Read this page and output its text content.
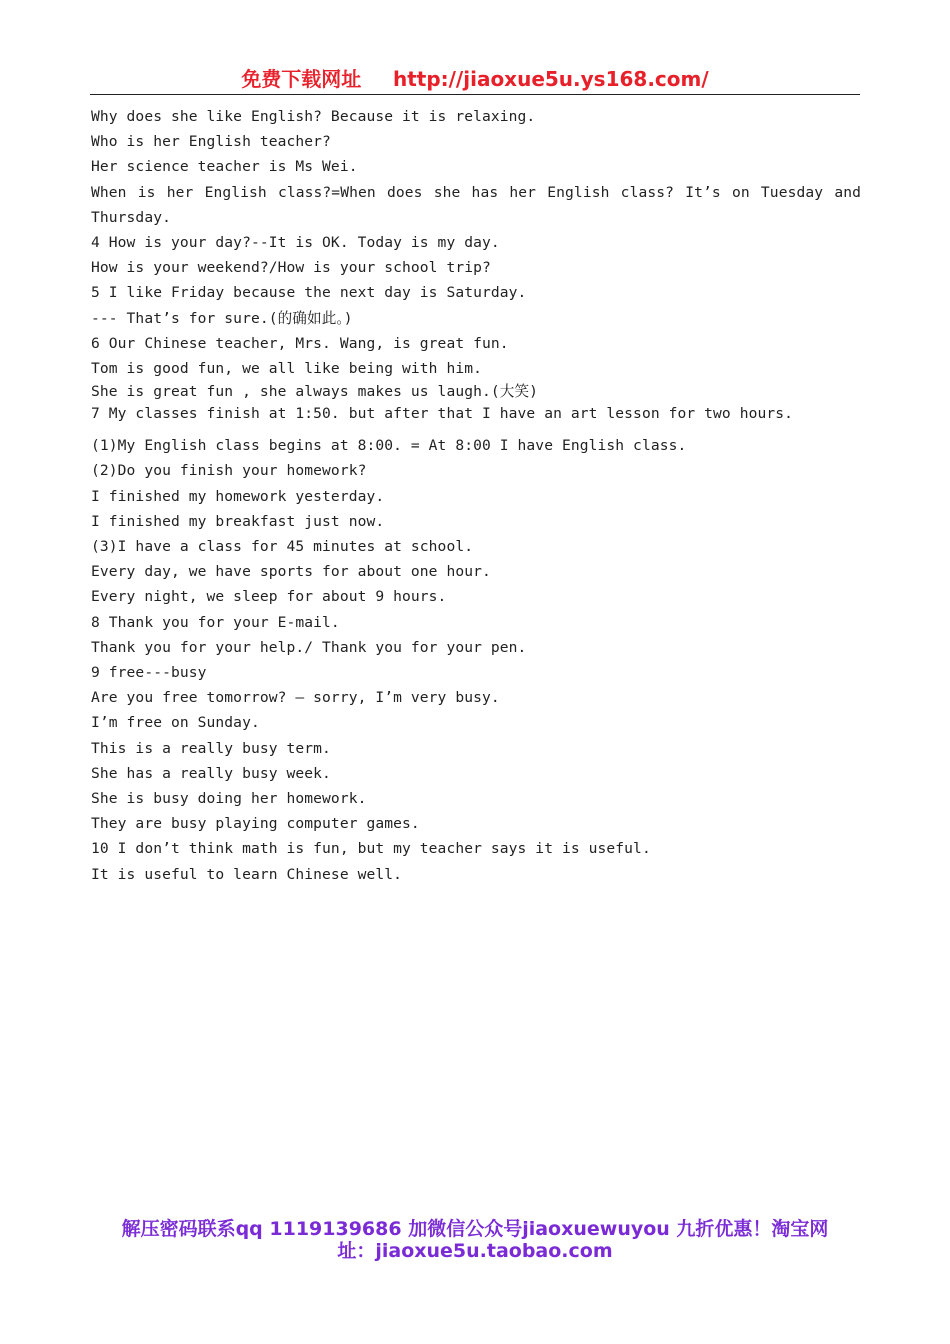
免费下载网址 http://jiaoxue5u.ys168.com/
Why does she like English? Because it is relaxing.
Who is her English teacher?
Her science teacher is Ms Wei.
When is her English class?=When does she has her English class? It’s on Tuesday and Thursday.
4 How is your day?--It is OK. Today is my day.
How is your weekend?/How is your school trip?
5 I like Friday because the next day is Saturday.
--- That’s for sure.(的确如此。)
6 Our Chinese teacher, Mrs. Wang, is great fun.
Tom is good fun, we all like being with him.
She is great fun , she always makes us laugh.(大笑)
7 My classes finish at 1:50. but after that I have an art lesson for two hours.
(1)My English class begins at 8:00. = At 8:00 I have English class.
(2)Do you finish your homework?
I finished my homework yesterday.
I finished my breakfast just now.
(3)I have a class for 45 minutes at school.
Every day, we have sports for about one hour.
Every night, we sleep for about 9 hours.
8 Thank you for your E-mail.
Thank you for your help./ Thank you for your pen.
9 free---busy
Are you free tomorrow? – sorry, I’m very busy.
I’m free on Sunday.
This is a really busy term.
She has a really busy week.
She is busy doing her homework.
They are busy playing computer games.
10 I don’t think math is fun, but my teacher says it is useful.
It is useful to learn Chinese well.
解压密码联系qq 1119139686 加微信公众号jiaoxuewuyou 九折优惠！淘宝网
址：jiaoxue5u.taobao.com
